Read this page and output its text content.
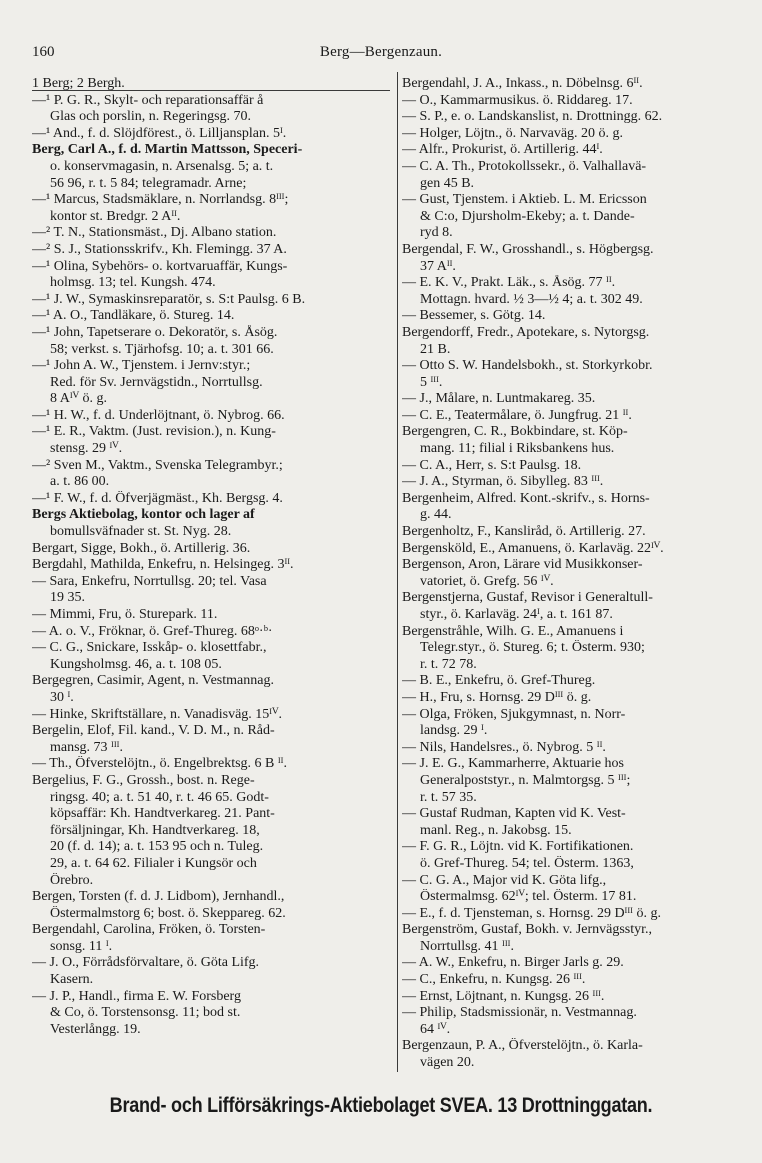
160	Berg—Bergenzaun.
1 Berg; 2 Bergh.
—¹ P. G. R., Skylt- och reparationsaffär å
Glas och porslin, n. Regeringsg. 70.
—¹ And., f. d. Slöjdförest., ö. Lilljansplan. 5ᴵ.
Berg, Carl A., f. d. Martin Mattsson, Speceri-
o. konservmagasin, n. Arsenalsg. 5; a. t.
56 96, r. t. 5 84; telegramadr. Arne;
—¹ Marcus, Stadsmäklare, n. Norrlandsg. 8ᴵᴵᴵ;
kontor st. Bredgr. 2 Aᴵᴵ.
—² T. N., Stationsmäst., Dj. Albano station.
—² S. J., Stationsskrifv., Kh. Flemingg. 37 A.
—¹ Olina, Sybehörs- o. kortvaruaffär, Kungs-
holmsg. 13; tel. Kungsh. 474.
—¹ J. W., Symaskinsreparatör, s. S:t Paulsg. 6 B.
—¹ A. O., Tandläkare, ö. Stureg. 14.
—¹ John, Tapetserare o. Dekoratör, s. Åsög.
58; verkst. s. Tjärhofsg. 10; a. t. 301 66.
—¹ John A. W., Tjenstem. i Jernv:styr.;
Red. för Sv. Jernvägstidn., Norrtullsg.
8 Aᴵⱽ ö. g.
—¹ H. W., f. d. Underlöjtnant, ö. Nybrog. 66.
—¹ E. R., Vaktm. (Just. revision.), n. Kung-
stensg. 29 ᴵⱽ.
—² Sven M., Vaktm., Svenska Telegrambyr.;
a. t. 86 00.
—¹ F. W., f. d. Öfverjägmäst., Kh. Bergsg. 4.
Bergs Aktiebolag, kontor och lager af
bomullsväfnader st. St. Nyg. 28.
Bergart, Sigge, Bokh., ö. Artillerig. 36.
Bergdahl, Mathilda, Enkefru, n. Helsingeg. 3ᴵᴵ.
— Sara, Enkefru, Norrtullsg. 20; tel. Vasa
19 35.
— Mimmi, Fru, ö. Sturepark. 11.
— A. o. V., Fröknar, ö. Gref-Thureg. 68ᵒ·ᵇ·
— C. G., Snickare, Isskåp- o. klosettfabr.,
Kungsholmsg. 46, a. t. 108 05.
Bergegren, Casimir, Agent, n. Vestmannag.
30 ᴵ.
— Hinke, Skriftställare, n. Vanadisväg. 15ᴵⱽ.
Bergelin, Elof, Fil. kand., V. D. M., n. Råd-
mansg. 73 ᴵᴵᴵ.
— Th., Öfverstelöjtn., ö. Engelbrektsg. 6 B ᴵᴵ.
Bergelius, F. G., Grossh., bost. n. Rege-
ringsg. 40; a. t. 51 40, r. t. 46 65. Godt-
köpsaffär: Kh. Handtverkareg. 21. Pant-
försäljningar, Kh. Handtverkareg. 18,
20 (f. d. 14); a. t. 153 95 och n. Tuleg.
29, a. t. 64 62. Filialer i Kungsör och
Örebro.
Bergen, Torsten (f. d. J. Lidbom), Jernhandl.,
Östermalmstorg 6; bost. ö. Skeppareg. 62.
Bergendahl, Carolina, Fröken, ö. Torsten-
sonsg. 11 ᴵ.
— J. O., Förrådsförvaltare, ö. Göta Lifg.
Kasern.
— J. P., Handl., firma E. W. Forsberg
& Co, ö. Torstensonsg. 11; bod st.
Vesterlångg. 19.
Bergendahl, J. A., Inkass., n. Döbelnsg. 6ᴵᴵ.
— O., Kammarmusikus. ö. Riddareg. 17.
— S. P., e. o. Landskanslist, n. Drottningg. 62.
— Holger, Löjtn., ö. Narvaväg. 20 ö. g.
— Alfr., Prokurist, ö. Artillerig. 44ᴵ.
— C. A. Th., Protokollssekr., ö. Valhallavä-
gen 45 B.
— Gust, Tjenstem. i Aktieb. L. M. Ericsson
& C:o, Djursholm-Ekeby; a. t. Dande-
ryd 8.
Bergendal, F. W., Grosshandl., s. Högbergsg.
37 Aᴵᴵ.
— E. K. V., Prakt. Läk., s. Åsög. 77 ᴵᴵ.
Mottagn. hvard. ½ 3—½ 4; a. t. 302 49.
— Bessemer, s. Götg. 14.
Bergendorff, Fredr., Apotekare, s. Nytorgsg.
21 B.
— Otto S. W. Handelsbokh., st. Storkyrkobr.
5 ᴵᴵᴵ.
— J., Målare, n. Luntmakareg. 35.
— C. E., Teatermålare, ö. Jungfrug. 21 ᴵᴵ.
Bergengren, C. R., Bokbindare, st. Köp-
mang. 11; filial i Riksbankens hus.
— C. A., Herr, s. S:t Paulsg. 18.
— J. A., Styrman, ö. Sibylleg. 83 ᴵᴵᴵ.
Bergenheim, Alfred. Kont.-skrifv., s. Horns-
g. 44.
Bergenholtz, F., Kanslіråd, ö. Artillerig. 27.
Bergensköld, E., Amanuens, ö. Karlaväg. 22ᴵⱽ.
Bergenson, Aron, Lärare vid Musikkonser-
vatoriet, ö. Grefg. 56 ᴵⱽ.
Bergenstjerna, Gustaf, Revisor i Generaltull-
styr., ö. Karlaväg. 24ᴵ, a. t. 161 87.
Bergenstråhle, Wilh. G. E., Amanuens i
Telegr.styr., ö. Stureg. 6; t. Österm. 930;
r. t. 72 78.
— B. E., Enkefru, ö. Gref-Thureg.
— H., Fru, s. Hornsg. 29 Dᴵᴵᴵ ö. g.
— Olga, Fröken, Sjukgymnast, n. Norr-
landsg. 29 ᴵ.
— Nils, Handelsres., ö. Nybrog. 5 ᴵᴵ.
— J. E. G., Kammarherre, Aktuarie hos
Generalpoststyr., n. Malmtorgsg. 5 ᴵᴵᴵ;
r. t. 57 35.
— Gustaf Rudman, Kapten vid K. Vest-
manl. Reg., n. Jakobsg. 15.
— F. G. R., Löjtn. vid K. Fortifikationen.
ö. Gref-Thureg. 54; tel. Österm. 1363,
— C. G. A., Major vid K. Göta lifg.,
Östermalmsg. 62ᴵⱽ; tel. Österm. 17 81.
— E., f. d. Tjensteman, s. Hornsg. 29 Dᴵᴵᴵ ö. g.
Bergenström, Gustaf, Bokh. v. Jernvägsstyr.,
Norrtullsg. 41 ᴵᴵᴵ.
— A. W., Enkefru, n. Birger Jarls g. 29.
— C., Enkefru, n. Kungsg. 26 ᴵᴵᴵ.
— Ernst, Löjtnant, n. Kungsg. 26 ᴵᴵᴵ.
— Philip, Stadsmissionär, n. Vestmannag.
64 ᴵⱽ.
Bergenzaun, P. A., Öfverstelöjtn., ö. Karla-
vägen 20.
Brand- och Lifförsäkrings-Aktiebolaget SVEA. 13 Drottninggatan.
